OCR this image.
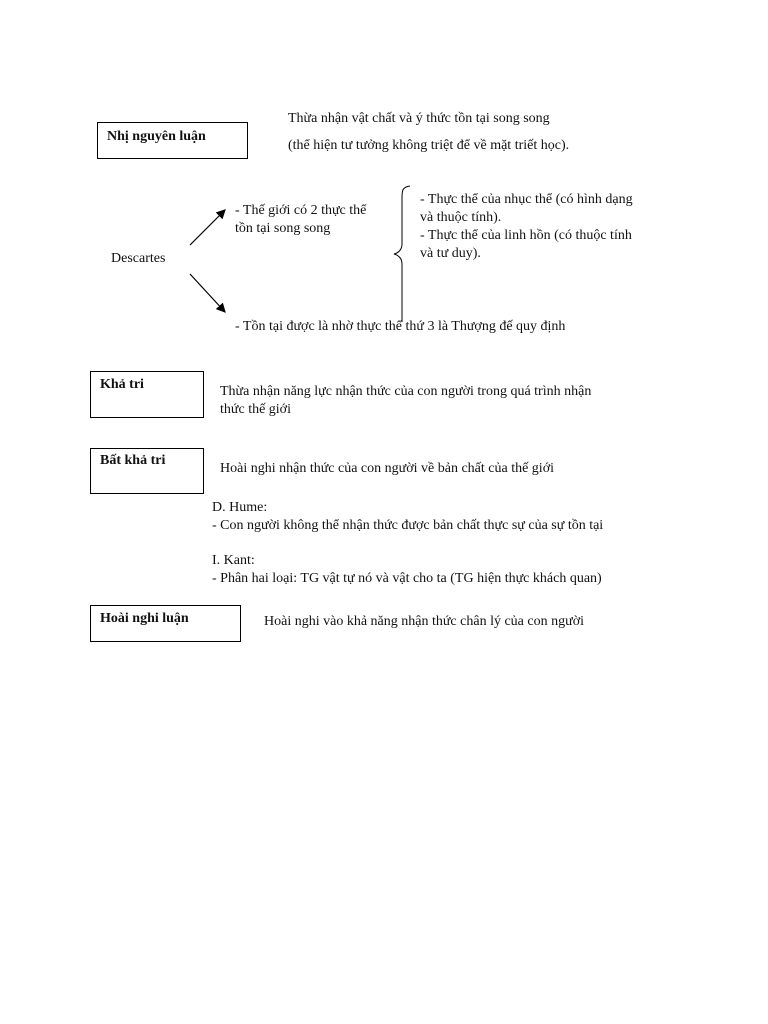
Nhị nguyên luận
Thừa nhận vật chất và ý thức tồn tại song song
(thể hiện tư tưởng không triệt để về mặt triết học).
Descartes
- Thế giới có 2 thực thể
tồn tại song song
- Thực thể của nhục thể (có hình dạng
và thuộc tính).
- Thực thể của linh hồn (có thuộc tính
và tư duy).
- Tồn tại được là nhờ thực thể thứ 3 là Thượng đế quy định
Khả tri	Thừa nhận năng lực nhận thức của con người trong quá trình nhận
thức thế giới
Bất khả tri
Hoài nghi nhận thức của con người về bản chất của thế giới
D. Hume:
- Con người không thể nhận thức được bản chất thực sự của sự tồn tại
I. Kant:
- Phân hai loại: TG vật tự nó và vật cho ta (TG hiện thực khách quan)
Hoài nghi luận	Hoài nghi vào khả năng nhận thức chân lý của con người
